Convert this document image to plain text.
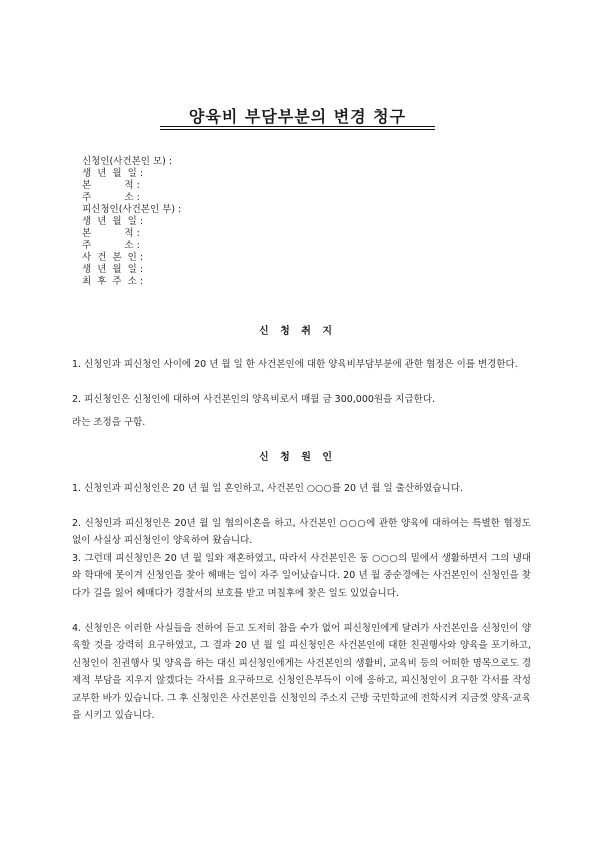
양육비 부담부분의 변경 청구
신청인(사건본인 모) :
생  년  월  일 :
본           적 :
주           소 :
피신청인(사건본인 부) :
생  년  월  일 :
본           적 :
주           소 :
사  건  본  인 :
생  년  월  일 :
최  후  주  소 :
신 청 취 지
1. 신청인과 피신청인 사이에 20 년 월 일 한 사건본인에 대한 양육비부담부분에 관한 협정은 이를 변경한다.
2. 피신청인은 신청인에 대하여 사건본인의 양육비로서 매월 금 300,000원을 지급한다.
라는 조정을 구함.
신 청 원 인
1. 신청인과 피신청인은 20 년 월 일 혼인하고, 사건본인 ○○○를 20 년 월 일 출산하였습니다.
2. 신청인과 피신청인은 20년 월 일 협의이혼을 하고, 사건본인 ○○○에 관한 양육에 대하여는 특별한 협정도 없이 사실상 피신청인이 양육하여 왔습니다.
3. 그런데 피신청인은 20 년 월 일와 재혼하였고, 따라서 사건본인은 동 ○○○의 밑에서 생활하면서 그의 냉대와 학대에 못이겨 신청인을 찾아 헤매는 일이 자주 일어났습니다. 20 년 월 중순경에는 사건본인이 신청인을 찾다가 길을 잃어 헤매다가 경찰서의 보호를 받고 며칠후에 찾은 일도 있었습니다.
4. 신청인은 이러한 사실들을 전하여 듣고 도저히 참을 수가 없어 피신청인에게 달려가 사건본인을 신청인이 양육할 것을 강력히 요구하였고, 그 결과 20 년 월 일 피신청인은 사건본인에 대한 친권행사와 양육을 포기하고, 신청인이 친권행사 및 양육을 하는 대신 피신청인에게는 사건본인의 생활비, 교육비 등의 어떠한 명목으로도 경제적 부담을 지우지 않겠다는 각서를 요구하므로 신청인은부득이 이에 응하고, 피신청인이 요구한 각서를 작성 교부한 바가 있습니다. 그 후 신청인은 사건본인을 신청인의 주소지 근방 국민학교에 전학시켜 지금껏 양육·교육을 시키고 있습니다.
